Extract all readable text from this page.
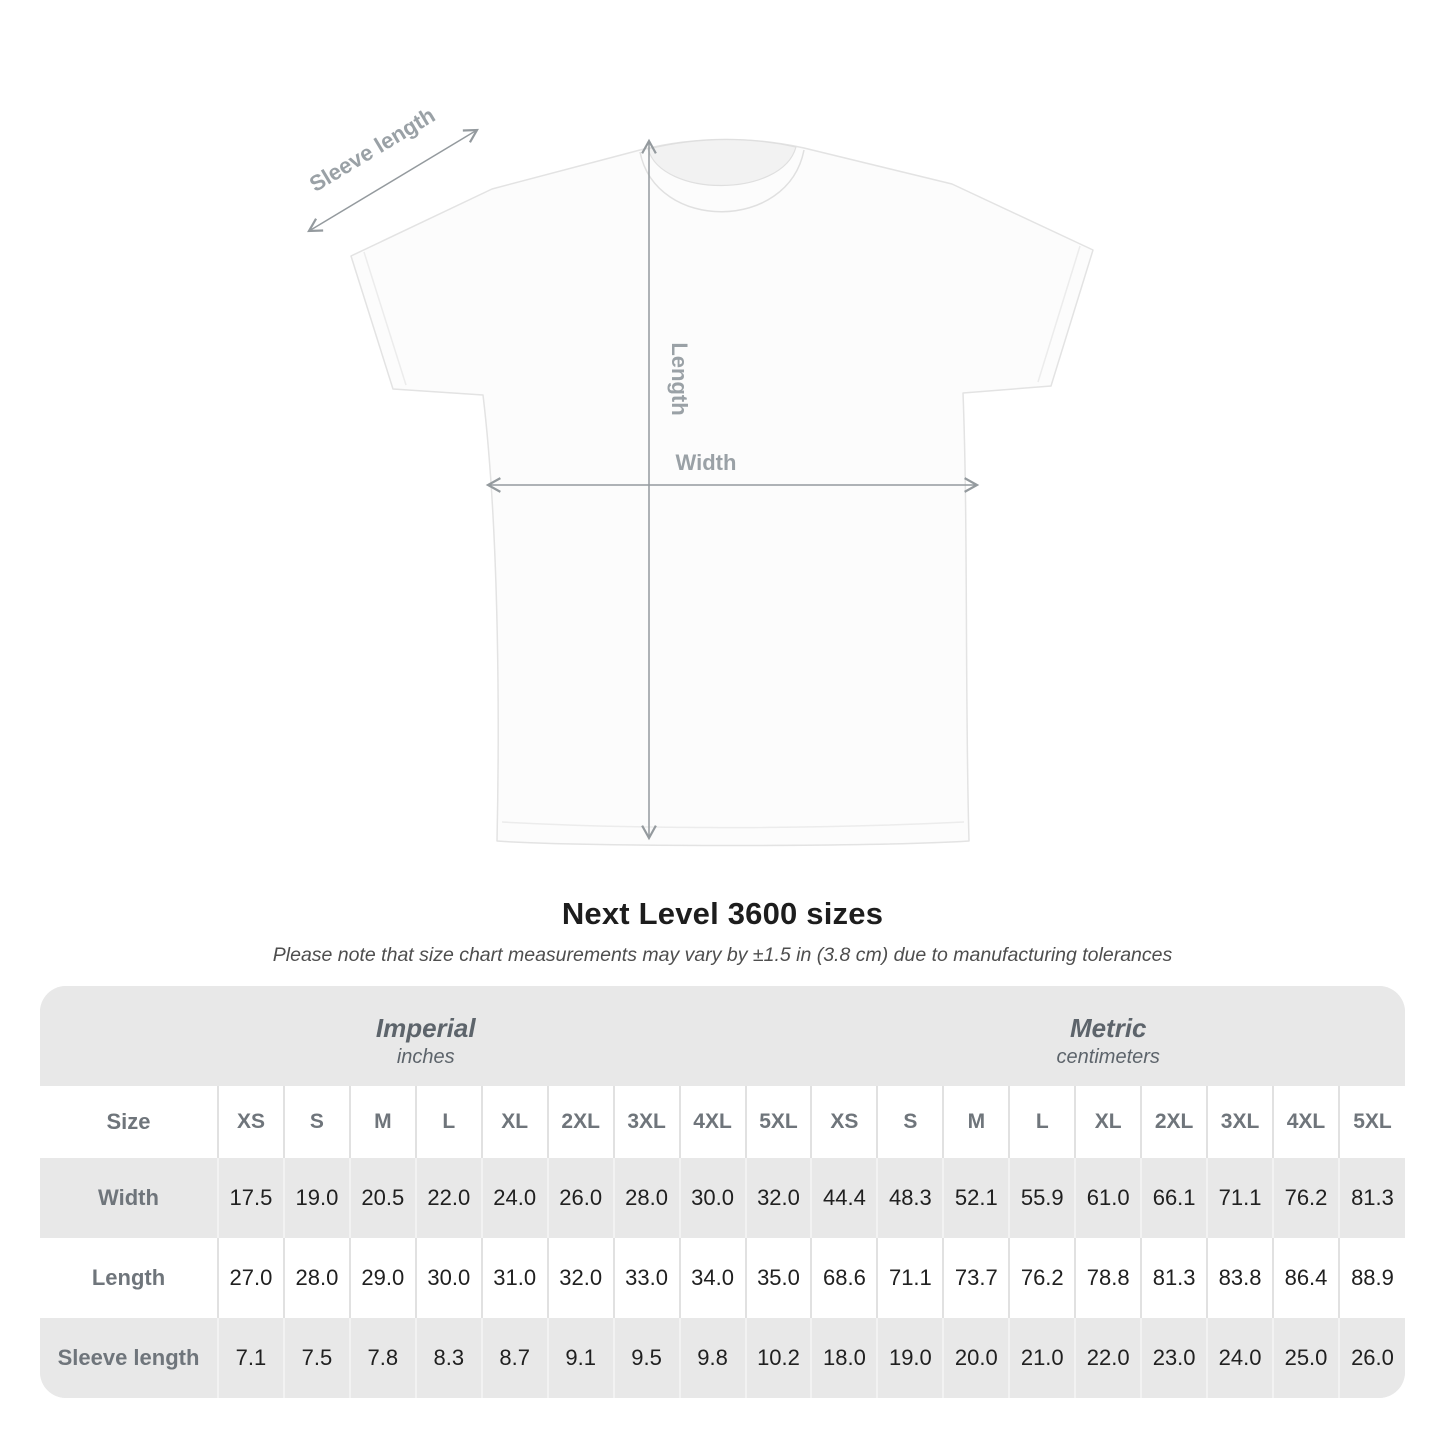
Sleeve length
Length
Width
Next Level 3600 sizes
Please note that size chart measurements may vary by ±1.5 in (3.8 cm) due to manufacturing tolerances
Imperial
inches

Metric
centimeters

Size	XS	S	M	L	XL	2XL	3XL	4XL	5XL	XS	S	M	L	XL	2XL	3XL	4XL	5XL
Width	17.5	19.0	20.5	22.0	24.0	26.0	28.0	30.0	32.0	44.4	48.3	52.1	55.9	61.0	66.1	71.1	76.2	81.3
Length	27.0	28.0	29.0	30.0	31.0	32.0	33.0	34.0	35.0	68.6	71.1	73.7	76.2	78.8	81.3	83.8	86.4	88.9
Sleeve length	7.1	7.5	7.8	8.3	8.7	9.1	9.5	9.8	10.2	18.0	19.0	20.0	21.0	22.0	23.0	24.0	25.0	26.0
